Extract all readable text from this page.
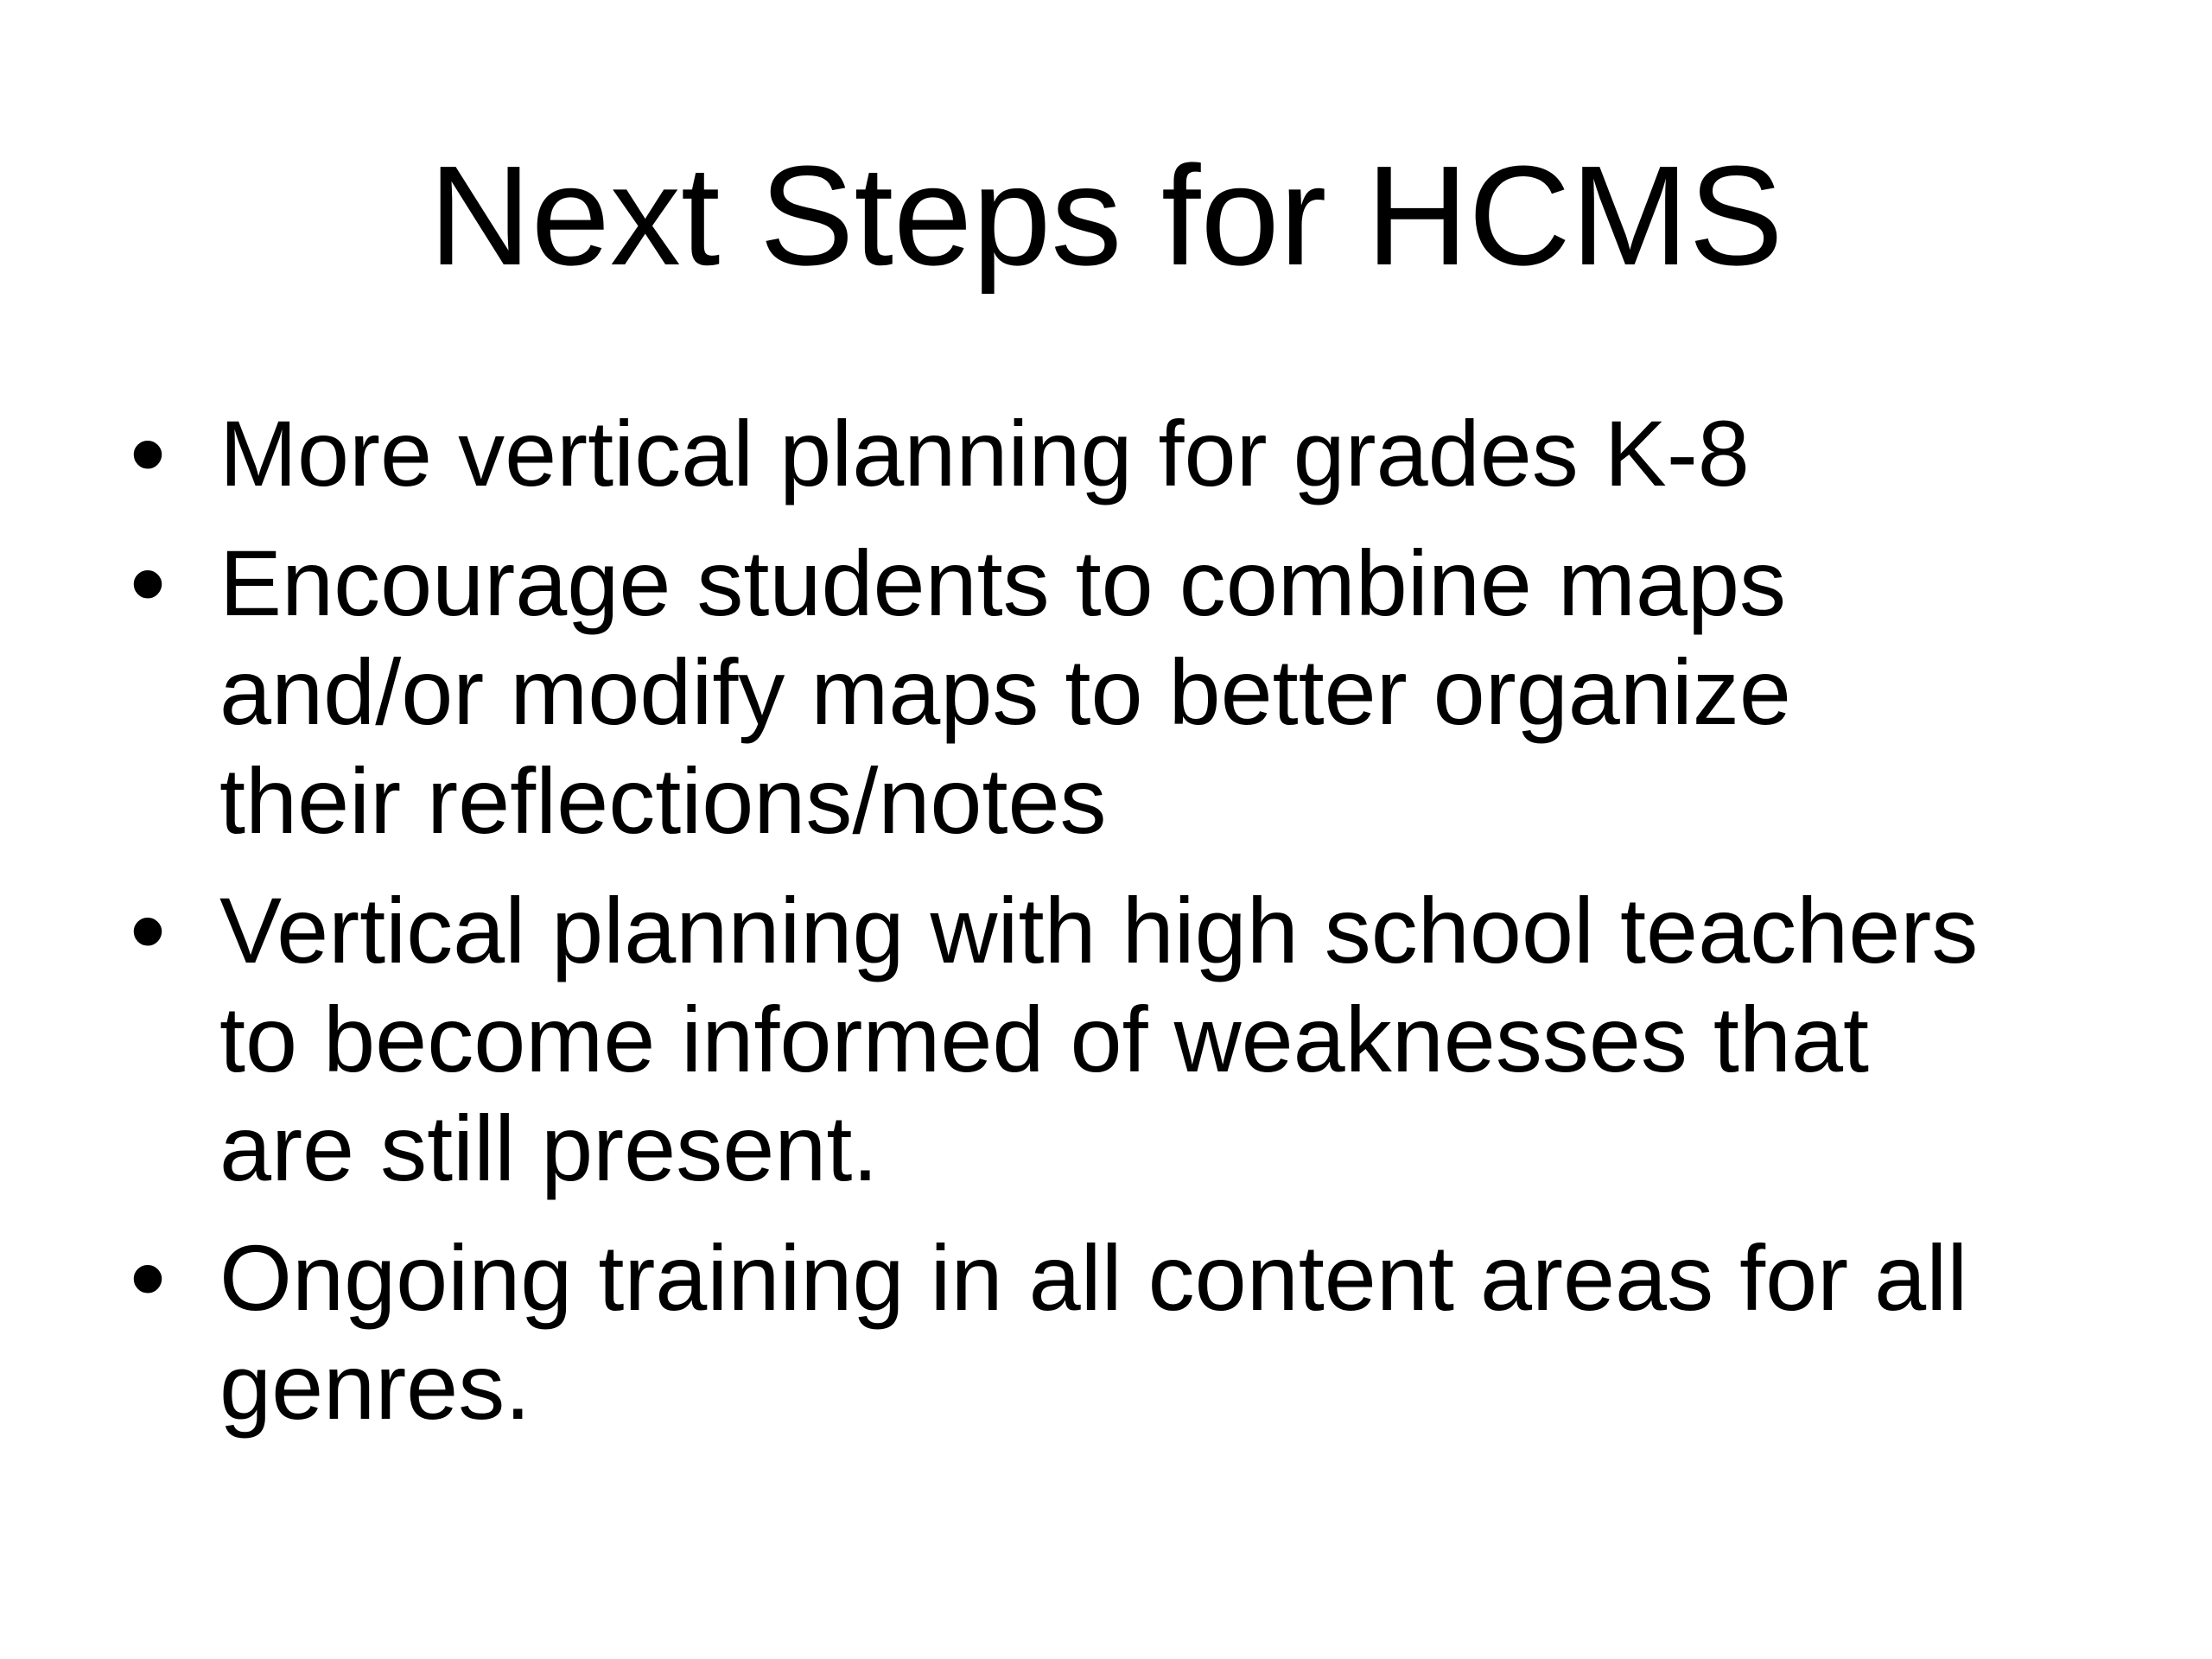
Next Steps for HCMS
• More vertical planning for grades K-8
• Encourage students to combine maps
and/or modify maps to better organize
their reflections/notes
• Vertical planning with high school teachers
to become informed of weaknesses that
are still present.
• Ongoing training in all content areas for all
genres.
